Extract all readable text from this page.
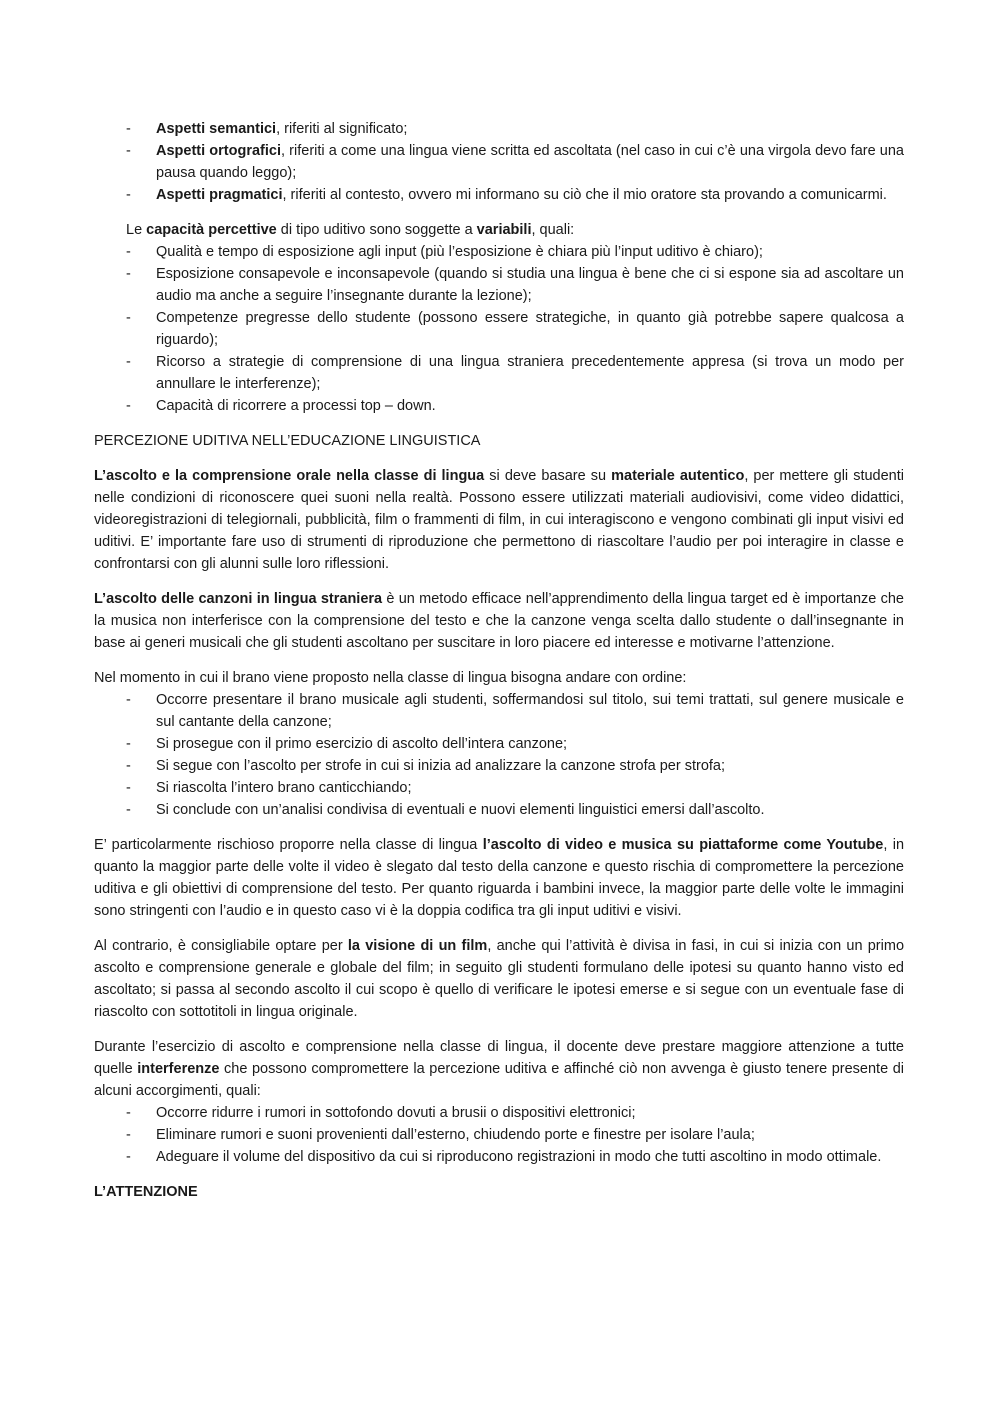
- Aspetti semantici, riferiti al significato;
- Aspetti ortografici, riferiti a come una lingua viene scritta ed ascoltata (nel caso in cui c’è una virgola devo fare una pausa quando leggo);
- Aspetti pragmatici, riferiti al contesto, ovvero mi informano su ciò che il mio oratore sta provando a comunicarmi.

Le capacità percettive di tipo uditivo sono soggette a variabili, quali:

- Qualità e tempo di esposizione agli input (più l’esposizione è chiara più l’input uditivo è chiaro);
- Esposizione consapevole e inconsapevole (quando si studia una lingua è bene che ci si espone sia ad ascoltare un audio ma anche a seguire l’insegnante durante la lezione);
- Competenze pregresse dello studente (possono essere strategiche, in quanto già potrebbe sapere qualcosa a riguardo);
- Ricorso a strategie di comprensione di una lingua straniera precedentemente appresa (si trova un modo per annullare le interferenze);
- Capacità di ricorrere a processi top – down.

PERCEZIONE UDITIVA NELL’EDUCAZIONE LINGUISTICA

L’ascolto e la comprensione orale nella classe di lingua si deve basare su materiale autentico, per mettere gli studenti nelle condizioni di riconoscere quei suoni nella realtà. Possono essere utilizzati materiali audiovisivi, come video didattici, videoregistrazioni di telegiornali, pubblicità, film o frammenti di film, in cui interagiscono e vengono combinati gli input visivi ed uditivi. E’ importante fare uso di strumenti di riproduzione che permettono di riascoltare l’audio per poi interagire in classe e confrontarsi con gli alunni sulle loro riflessioni.

L’ascolto delle canzoni in lingua straniera è un metodo efficace nell’apprendimento della lingua target ed è importanze che la musica non interferisce con la comprensione del testo e che la canzone venga scelta dallo studente o dall’insegnante in base ai generi musicali che gli studenti ascoltano per suscitare in loro piacere ed interesse e motivarne l’attenzione.

Nel momento in cui il brano viene proposto nella classe di lingua bisogna andare con ordine:

- Occorre presentare il brano musicale agli studenti, soffermandosi sul titolo, sui temi trattati, sul genere musicale e sul cantante della canzone;
- Si prosegue con il primo esercizio di ascolto dell’intera canzone;
- Si segue con l’ascolto per strofe in cui si inizia ad analizzare la canzone strofa per strofa;
- Si riascolta l’intero brano canticchiando;
- Si conclude con un’analisi condivisa di eventuali e nuovi elementi linguistici emersi dall’ascolto.

E’ particolarmente rischioso proporre nella classe di lingua l’ascolto di video e musica su piattaforme come Youtube, in quanto la maggior parte delle volte il video è slegato dal testo della canzone e questo rischia di compromettere la percezione uditiva e gli obiettivi di comprensione del testo. Per quanto riguarda i bambini invece, la maggior parte delle volte le immagini sono stringenti con l’audio e in questo caso vi è la doppia codifica tra gli input uditivi e visivi.

Al contrario, è consigliabile optare per la visione di un film, anche qui l’attività è divisa in fasi, in cui si inizia con un primo ascolto e comprensione generale e globale del film; in seguito gli studenti formulano delle ipotesi su quanto hanno visto ed ascoltato; si passa al secondo ascolto il cui scopo è quello di verificare le ipotesi emerse e si segue con un eventuale fase di riascolto con sottotitoli in lingua originale.

Durante l’esercizio di ascolto e comprensione nella classe di lingua, il docente deve prestare maggiore attenzione a tutte quelle interferenze che possono compromettere la percezione uditiva e affinché ciò non avvenga è giusto tenere presente di alcuni accorgimenti, quali:

- Occorre ridurre i rumori in sottofondo dovuti a brusii o dispositivi elettronici;
- Eliminare rumori e suoni provenienti dall’esterno, chiudendo porte e finestre per isolare l’aula;
- Adeguare il volume del dispositivo da cui si riproducono registrazioni in modo che tutti ascoltino in modo ottimale.

L’ATTENZIONE
